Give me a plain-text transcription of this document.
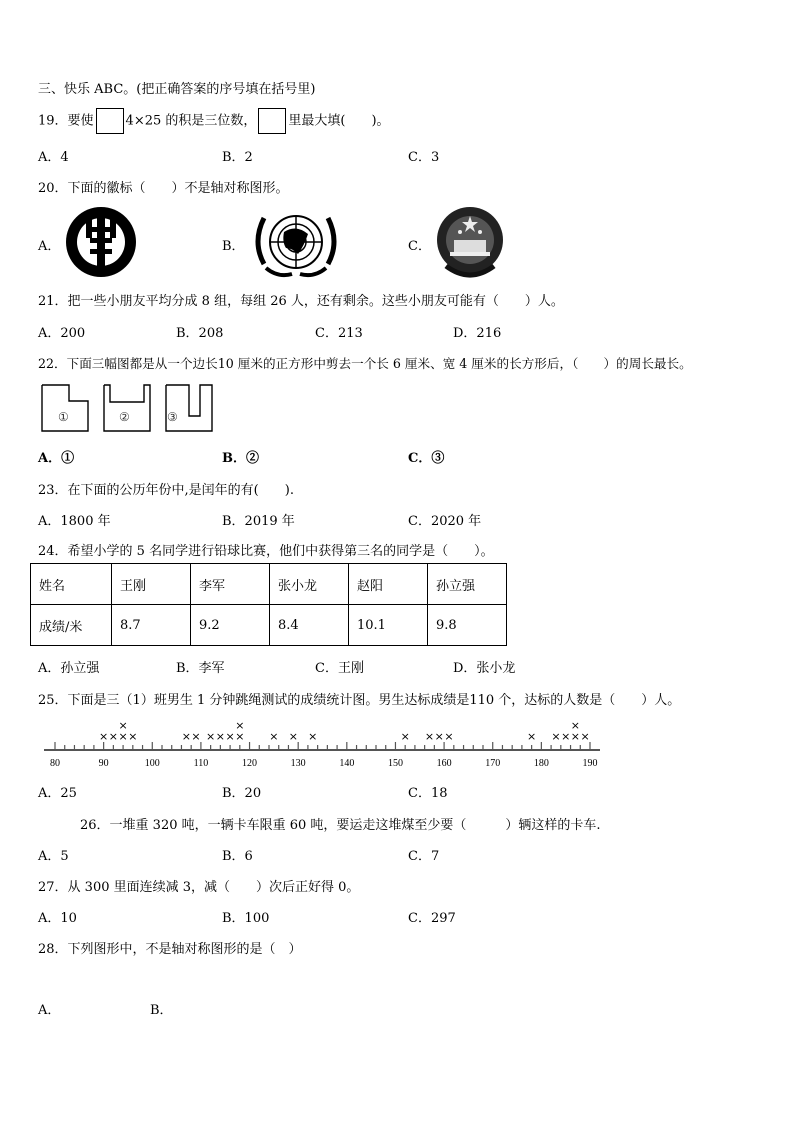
三、快乐 ABC。(把正确答案的序号填在括号里)
19．要使 4×25 的积是三位数， 里最大填(　　)。
A．4	B．2	C．3
20．下面的徽标（　　）不是轴对称图形。
A．	B．	C．
21．把一些小朋友平均分成 8 组，每组 26 人，还有剩余。这些小朋友可能有（　　）人。
A．200	B．208	C．213	D．216
22．下面三幅图都是从一个边长10 厘米的正方形中剪去一个长 6 厘米、宽 4 厘米的长方形后，（　　）的周长最长。
①	②	③
A．①	B．②	C．③
23．在下面的公历年份中,是闰年的有(　　).
A．1800 年	B．2019 年	C．2020 年
24．希望小学的 5 名同学进行铅球比赛，他们中获得第三名的同学是（　　）。
姓名	王刚	李军	张小龙	赵阳	孙立强
成绩/米	8.7	9.2	8.4	10.1	9.8
A．孙立强	B．李军	C．王刚	D．张小龙
25．下面是三（1）班男生 1 分钟跳绳测试的成绩统计图。男生达标成绩是110 个，达标的人数是（　　）人。
80	90	100	110	120	130	140	150	160	170	180	190
× × ×
×
×	× × × × × ×
×
× × ×	× × × ×	× × × ×
×
×
A．25	B．20	C．18
26．一堆重 320 吨，一辆卡车限重 60 吨，要运走这堆煤至少要（　　　）辆这样的卡车.
A．5	B．6	C．7
27．从 300 里面连续减 3，减（　　）次后正好得 0。
A．10	B．100	C．297
28．下列图形中，不是轴对称图形的是（　）
A．	B．
